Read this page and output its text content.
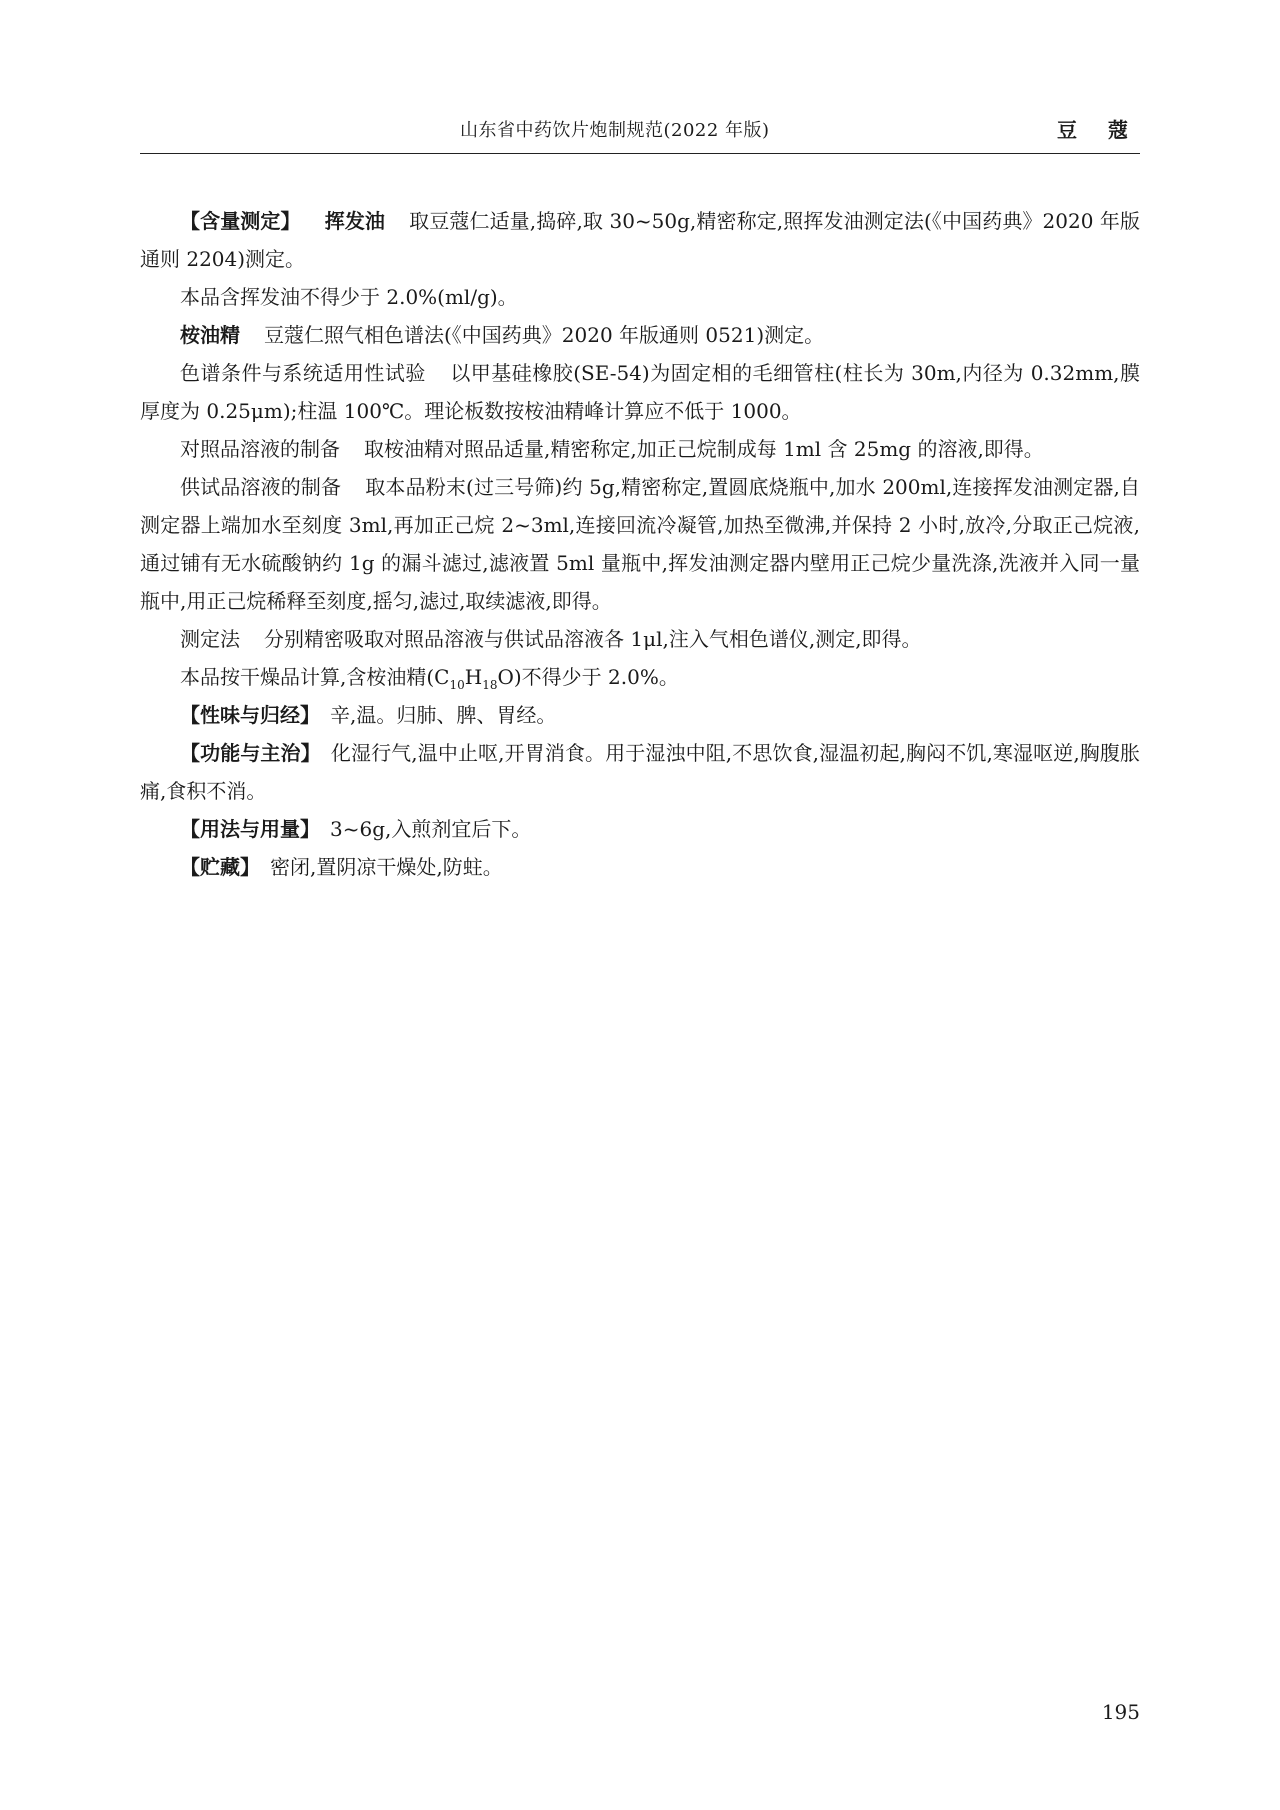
山东省中药饮片炮制规范(2022 年版)	豆 蔻

【含量测定】 挥发油 取豆蔻仁适量,捣碎,取 30~50g,精密称定,照挥发油测定法(《中国药典》2020 年版通则 2204)测定。

本品含挥发油不得少于 2.0%(ml/g)。

桉油精 豆蔻仁照气相色谱法(《中国药典》2020 年版通则 0521)测定。

色谱条件与系统适用性试验 以甲基硅橡胶(SE-54)为固定相的毛细管柱(柱长为 30m,内径为 0.32mm,膜厚度为 0.25μm);柱温 100℃。理论板数按桉油精峰计算应不低于 1000。

对照品溶液的制备 取桉油精对照品适量,精密称定,加正己烷制成每 1ml 含 25mg 的溶液,即得。

供试品溶液的制备 取本品粉末(过三号筛)约 5g,精密称定,置圆底烧瓶中,加水 200ml,连接挥发油测定器,自测定器上端加水至刻度 3ml,再加正己烷 2~3ml,连接回流冷凝管,加热至微沸,并保持 2 小时,放冷,分取正己烷液,通过铺有无水硫酸钠约 1g 的漏斗滤过,滤液置 5ml 量瓶中,挥发油测定器内壁用正己烷少量洗涤,洗液并入同一量瓶中,用正己烷稀释至刻度,摇匀,滤过,取续滤液,即得。

测定法 分别精密吸取对照品溶液与供试品溶液各 1μl,注入气相色谱仪,测定,即得。

本品按干燥品计算,含桉油精$(C_{10}H_{18}O)$不得少于 2.0%。

【性味与归经】 辛,温。归肺、脾、胃经。

【功能与主治】 化湿行气,温中止呕,开胃消食。用于湿浊中阻,不思饮食,湿温初起,胸闷不饥,寒湿呕逆,胸腹胀痛,食积不消。

【用法与用量】 3~6g,入煎剂宜后下。

【贮藏】 密闭,置阴凉干燥处,防蛀。

195
